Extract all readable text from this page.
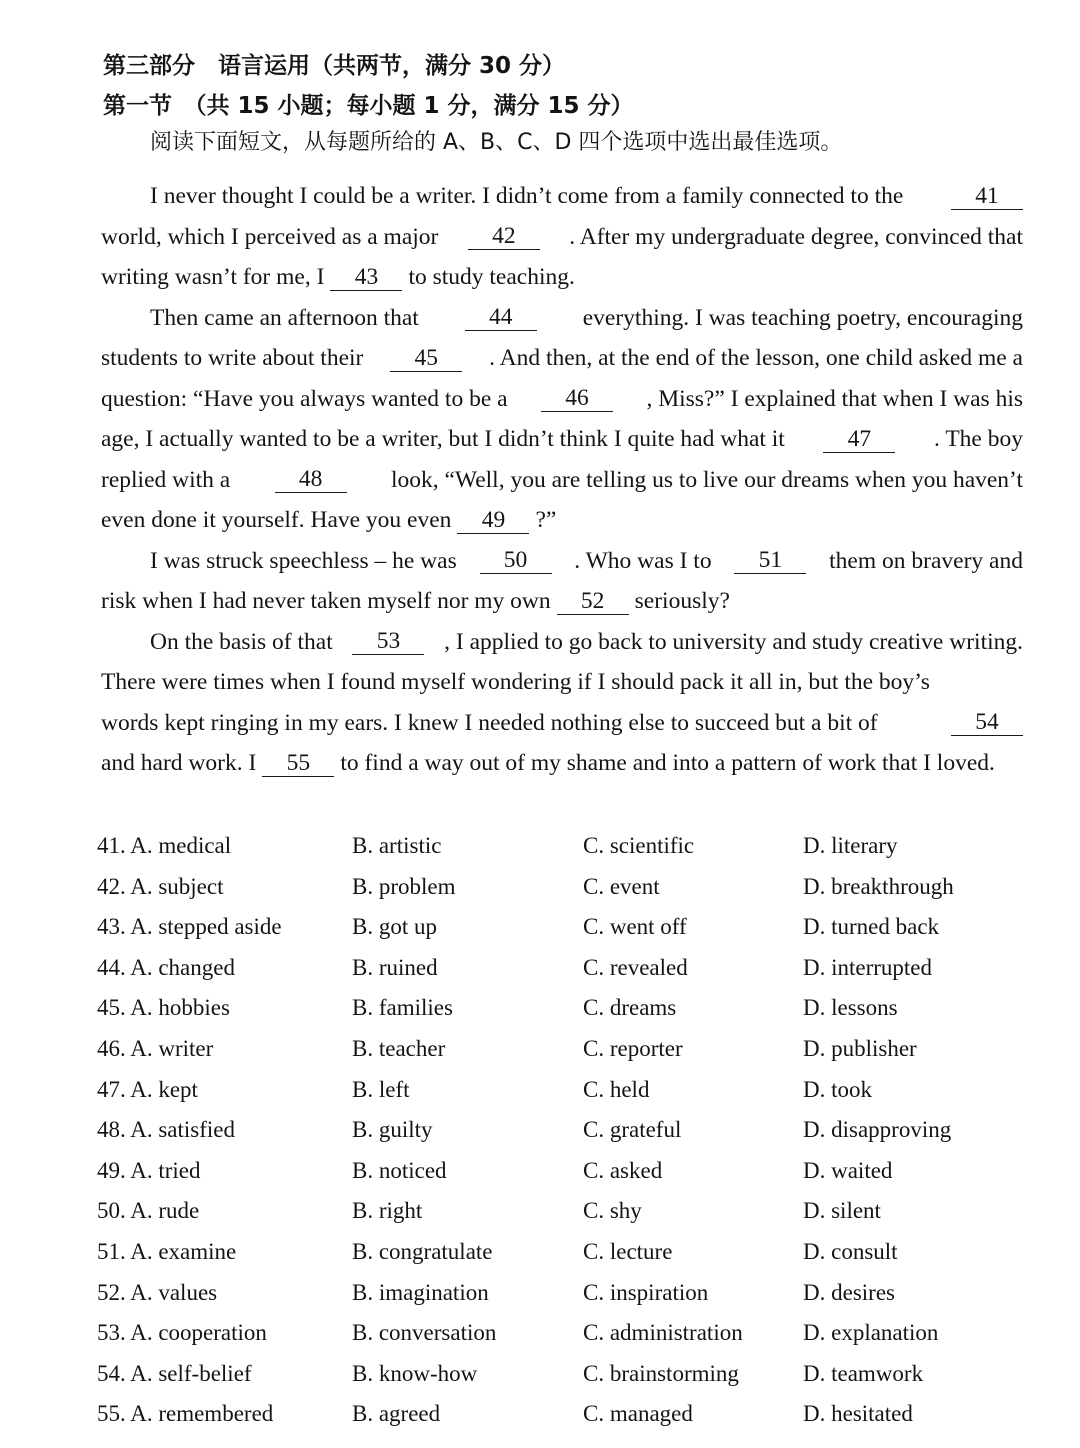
第三部分　语言运用（共两节，满分 30 分）
第一节　（共 15 小题；每小题 1 分，满分 15 分）
阅读下面短文，从每题所给的 A、B、C、D 四个选项中选出最佳选项。
I never thought I could be a writer. I didn’t come from a family connected to the	41
world, which I perceived as a major	42	. After my undergraduate degree, convinced that
writing wasn’t for me, I	43	to study teaching.
Then came an afternoon that	44	everything. I was teaching poetry, encouraging
students to write about their	45	. And then, at the end of the lesson, one child asked me a
question: “Have you always wanted to be a	46	, Miss?” I explained that when I was his
age, I actually wanted to be a writer, but I didn’t think I quite had what it	47	. The boy
replied with a	48	look, “Well, you are telling us to live our dreams when you haven’t
even done it yourself. Have you even	49	?”
I was struck speechless – he was	50	. Who was I to	51	them on bravery and
risk when I had never taken myself nor my own	52	seriously?
On the basis of that	53	, I applied to go back to university and study creative writing.
There were times when I found myself wondering if I should pack it all in, but the boy’s
words kept ringing in my ears. I knew I needed nothing else to succeed but a bit of	54
and hard work. I	55	to find a way out of my shame and into a pattern of work that I loved.
41. A. medical	B. artistic	C. scientific	D. literary
42. A. subject	B. problem	C. event	D. breakthrough
43. A. stepped aside	B. got up	C. went off	D. turned back
44. A. changed	B. ruined	C. revealed	D. interrupted
45. A. hobbies	B. families	C. dreams	D. lessons
46. A. writer	B. teacher	C. reporter	D. publisher
47. A. kept	B. left	C. held	D. took
48. A. satisfied	B. guilty	C. grateful	D. disapproving
49. A. tried	B. noticed	C. asked	D. waited
50. A. rude	B. right	C. shy	D. silent
51. A. examine	B. congratulate	C. lecture	D. consult
52. A. values	B. imagination	C. inspiration	D. desires
53. A. cooperation	B. conversation	C. administration	D. explanation
54. A. self-belief	B. know-how	C. brainstorming	D. teamwork
55. A. remembered	B. agreed	C. managed	D. hesitated
